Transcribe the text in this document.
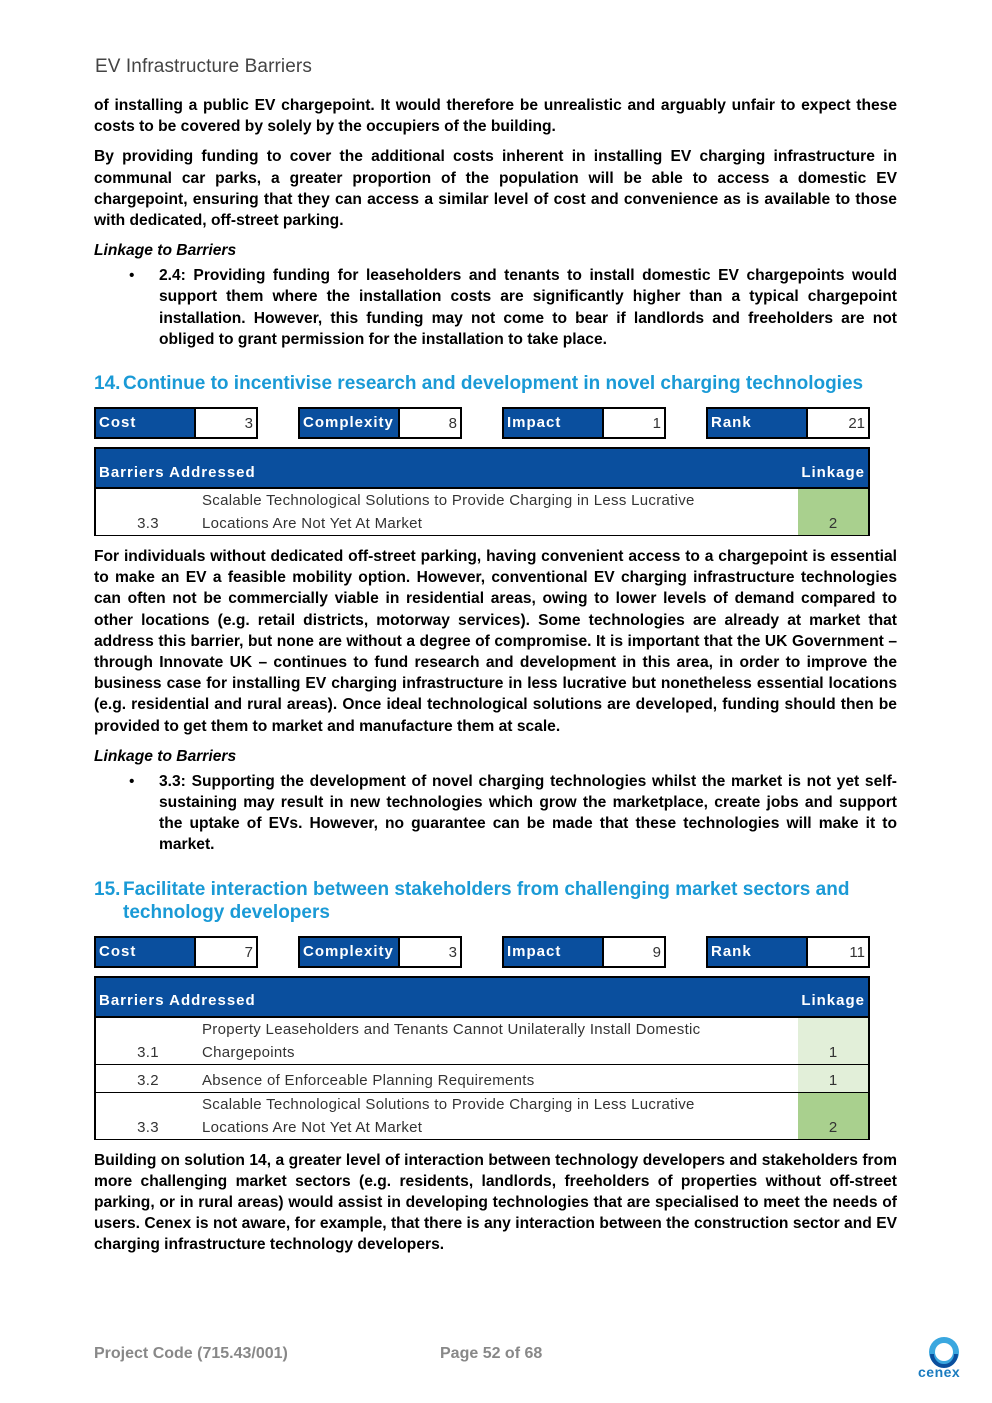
EV Infrastructure Barriers

of installing a public EV chargepoint. It would therefore be unrealistic and arguably unfair to expect these costs to be covered by solely by the occupiers of the building.

By providing funding to cover the additional costs inherent in installing EV charging infrastructure in communal car parks, a greater proportion of the population will be able to access a domestic EV chargepoint, ensuring that they can access a similar level of cost and convenience as is available to those with dedicated, off-street parking.

Linkage to Barriers

• 2.4: Providing funding for leaseholders and tenants to install domestic EV chargepoints would support them where the installation costs are significantly higher than a typical chargepoint installation. However, this funding may not come to bear if landlords and freeholders are not obliged to grant permission for the installation to take place.
14. Continue to incentivise research and development in novel charging technologies
Cost	3	Complexity	8	Impact	1	Rank	21
Barriers Addressed		Linkage
3.3	Scalable Technological Solutions to Provide Charging in Less Lucrative
Locations Are Not Yet At Market	2

For individuals without dedicated off-street parking, having convenient access to a chargepoint is essential to make an EV a feasible mobility option. However, conventional EV charging infrastructure technologies can often not be commercially viable in residential areas, owing to lower levels of demand compared to other locations (e.g. retail districts, motorway services). Some technologies are already at market that address this barrier, but none are without a degree of compromise. It is important that the UK Government – through Innovate UK – continues to fund research and development in this area, in order to improve the business case for installing EV charging infrastructure in less lucrative but nonetheless essential locations (e.g. residential and rural areas). Once ideal technological solutions are developed, funding should then be provided to get them to market and manufacture them at scale.

Linkage to Barriers

• 3.3: Supporting the development of novel charging technologies whilst the market is not yet self-sustaining may result in new technologies which grow the marketplace, create jobs and support the uptake of EVs. However, no guarantee can be made that these technologies will make it to market.
15. Facilitate interaction between stakeholders from challenging market sectors and technology developers
Cost	7	Complexity	3	Impact	9	Rank	11
Barriers Addressed		Linkage
3.1	Property Leaseholders and Tenants Cannot Unilaterally Install Domestic
Chargepoints	1
3.2	Absence of Enforceable Planning Requirements	1
3.3	Scalable Technological Solutions to Provide Charging in Less Lucrative
Locations Are Not Yet At Market	2

Building on solution 14, a greater level of interaction between technology developers and stakeholders from more challenging market sectors (e.g. residents, landlords, freeholders of properties without off-street parking, or in rural areas) would assist in developing technologies that are specialised to meet the needs of users. Cenex is not aware, for example, that there is any interaction between the construction sector and EV charging infrastructure technology developers.

Project Code (715.43/001)	Page 52 of 68
cenex
